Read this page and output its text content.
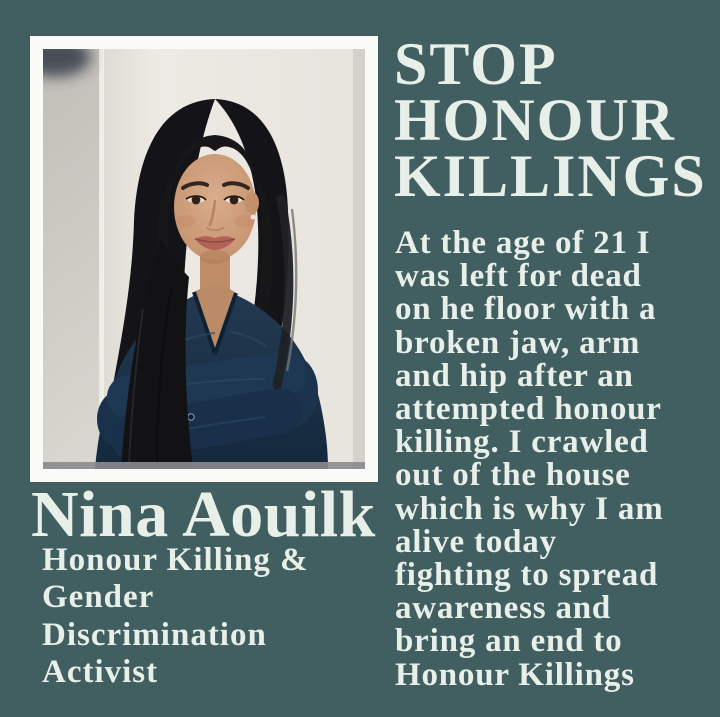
Nina Aouilk
Honour Killing &
Gender
Discrimination
Activist
STOP
HONOUR
KILLINGS
At the age of 21 I
was left for dead
on he floor with a
broken jaw, arm
and hip after an
attempted honour
killing. I crawled
out of the house
which is why I am
alive today
fighting to spread
awareness and
bring an end to
Honour Killings
